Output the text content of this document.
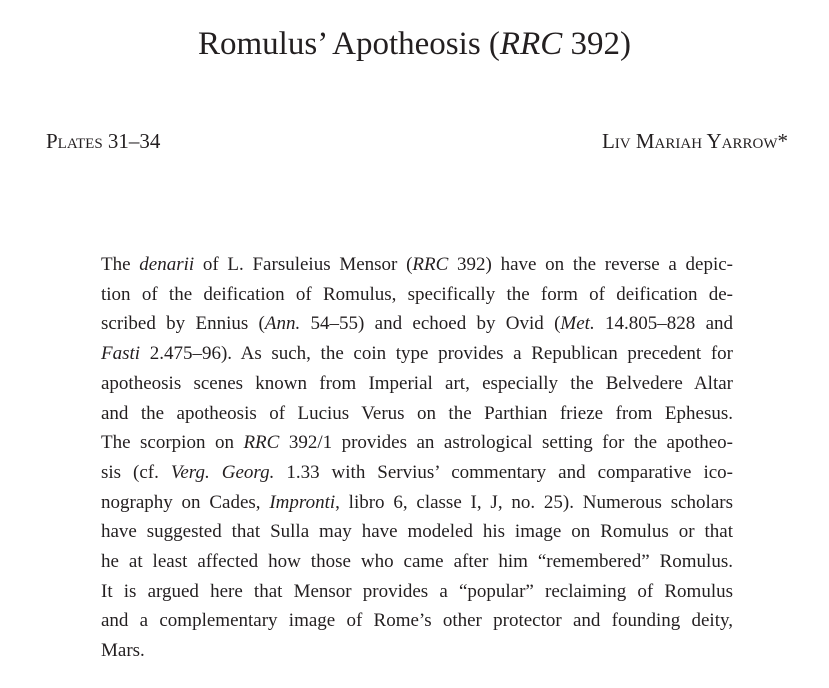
Romulus’ Apotheosis (RRC 392)
Plates 31–34	Liv Mariah Yarrow*

The denarii of L. Farsuleius Mensor (RRC 392) have on the reverse a depic-
tion of the deification of Romulus, specifically the form of deification de-
scribed by Ennius (Ann. 54–55) and echoed by Ovid (Met. 14.805–828 and
Fasti 2.475–96). As such, the coin type provides a Republican precedent for
apotheosis scenes known from Imperial art, especially the Belvedere Altar
and the apotheosis of Lucius Verus on the Parthian frieze from Ephesus.
The scorpion on RRC 392/1 provides an astrological setting for the apotheo-
sis (cf. Verg. Georg. 1.33 with Servius’ commentary and comparative ico-
nography on Cades, Impronti, libro 6, classe I, J, no. 25). Numerous scholars
have suggested that Sulla may have modeled his image on Romulus or that
he at least affected how those who came after him “remembered” Romulus.
It is argued here that Mensor provides a “popular” reclaiming of Romulus
and a complementary image of Rome’s other protector and founding deity,
Mars.
